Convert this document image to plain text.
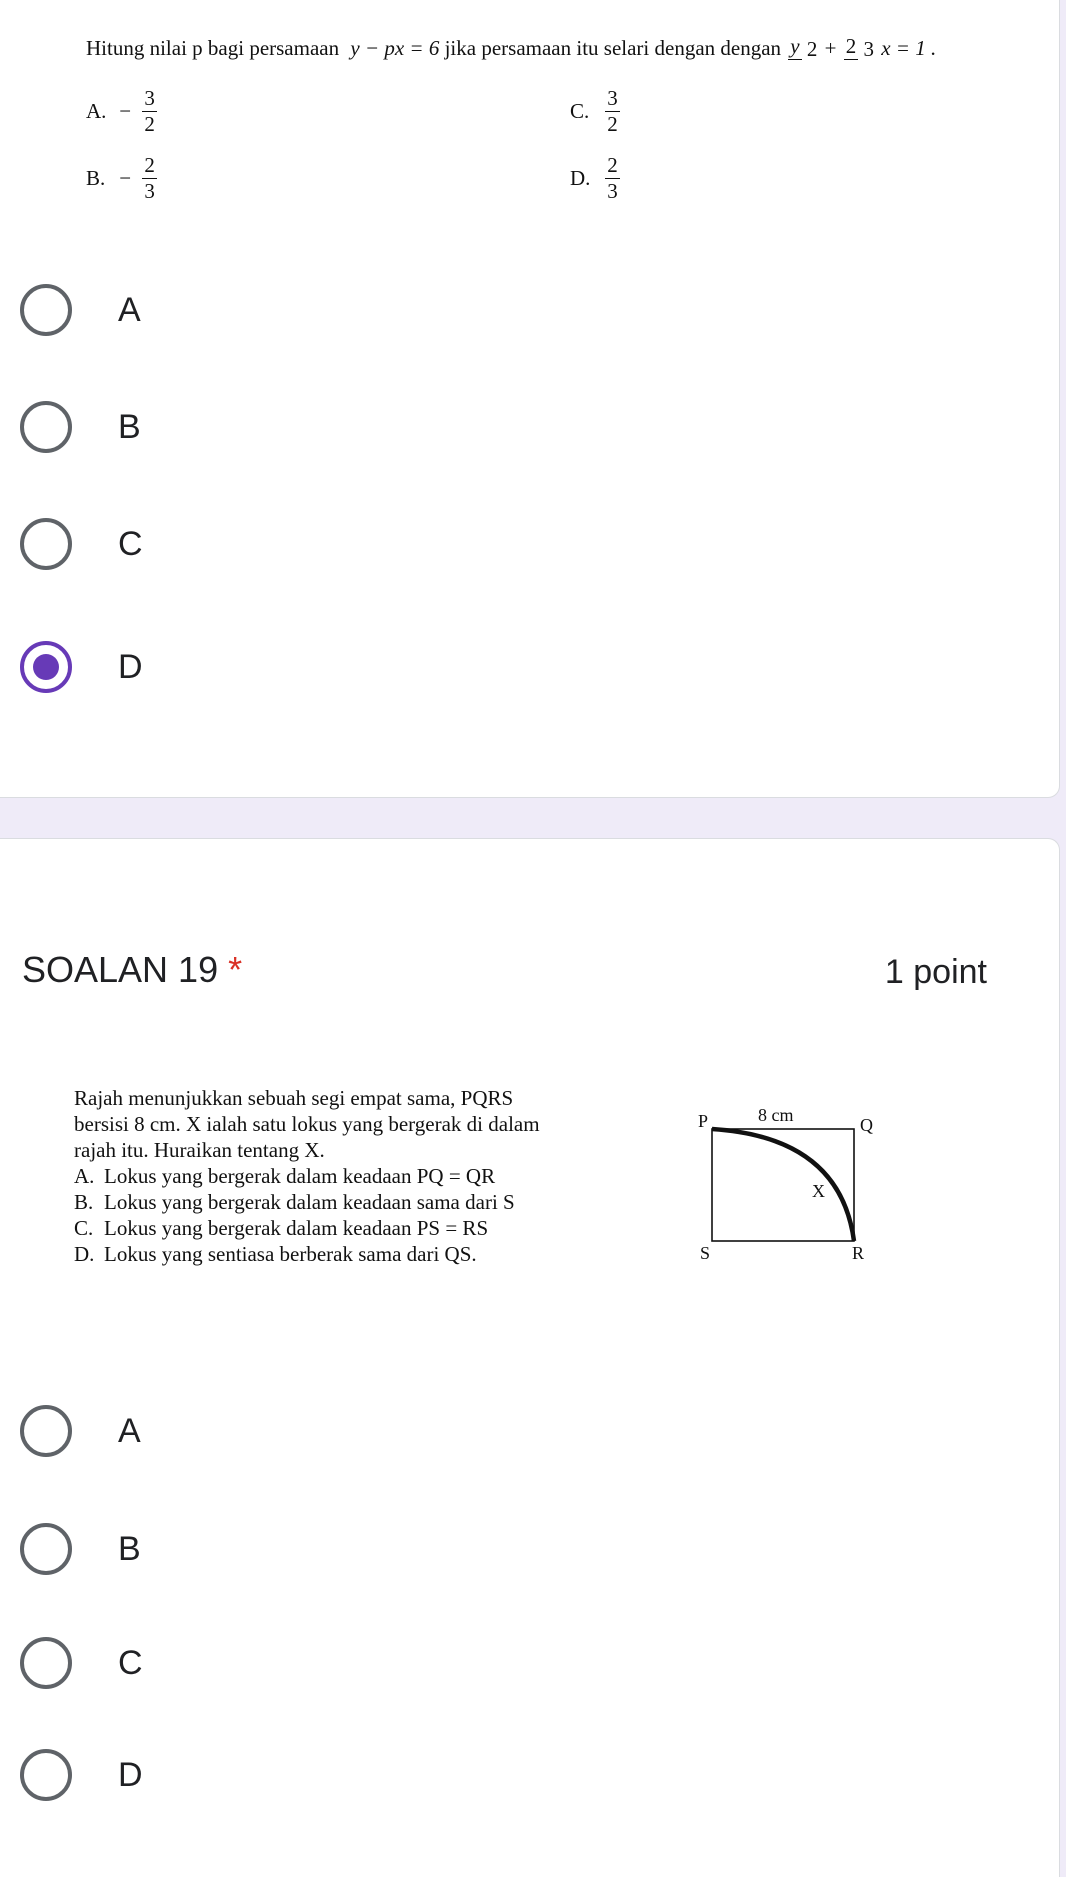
Hitung nilai p bagi persamaan y − px = 6 jika persamaan itu selari dengan dengan y 2 + 2 3 x = 1 .
A. − $\frac{3}{2}$
B. − $\frac{2}{3}$
C. $\frac{3}{2}$
D. $\frac{2}{3}$
A
B
C
D
SOALAN 19 *	1 point
Rajah menunjukkan sebuah segi empat sama, PQRS
bersisi 8 cm. X ialah satu lokus yang bergerak di dalam
rajah itu. Huraikan tentang X.
A. Lokus yang bergerak dalam keadaan PQ = QR
B. Lokus yang bergerak dalam keadaan sama dari S
C. Lokus yang bergerak dalam keadaan PS = RS
D. Lokus yang sentiasa berberak sama dari QS.
P	8 cm	Q
X
S	R
A
B
C
D
